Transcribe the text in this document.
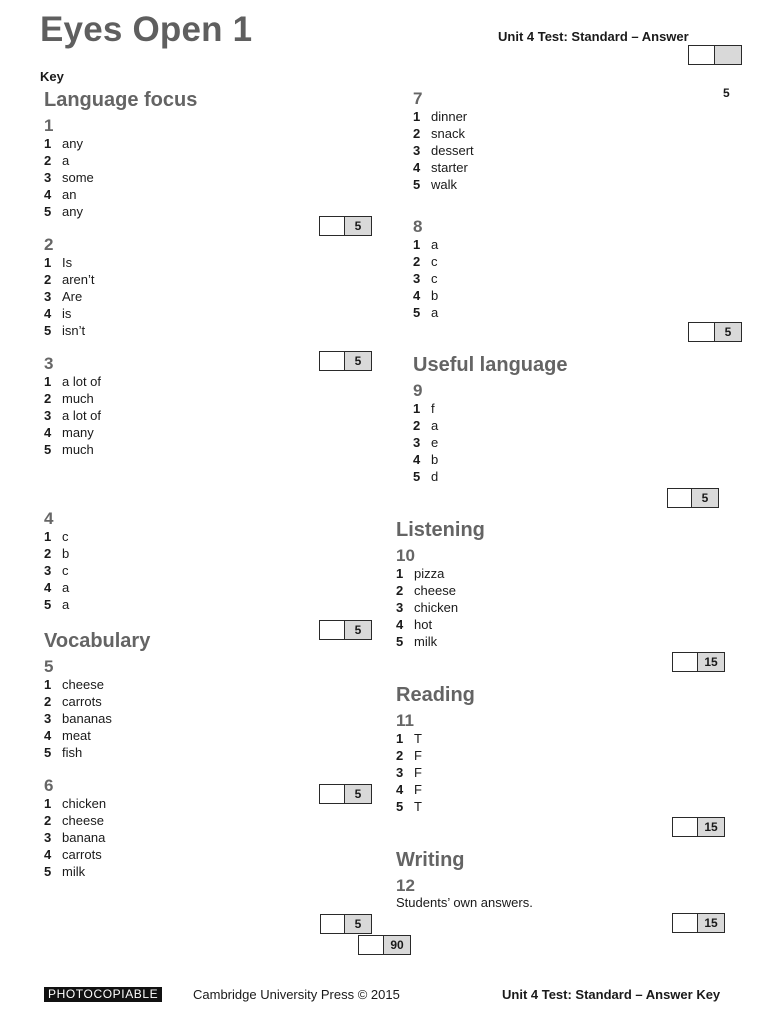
Eyes Open 1	Unit 4 Test: Standard – Answer
Key
5
Language focus
1
1 any
2 a
3 some
4 an
5 any
5
2
1 Is
2 aren’t
3 Are
4 is
5 isn’t
5
3
1 a lot of
2 much
3 a lot of
4 many
5 much
4
1 c
2 b
3 c
4 a
5 a
5
Vocabulary
5
1 cheese
2 carrots
3 bananas
4 meat
5 fish
6	5
1 chicken
2 cheese
3 banana
4 carrots
5 milk
5
90
7
1 dinner
2 snack
3 dessert
4 starter
5 walk
8
1 a
2 c
3 c
4 b
5 a
5
Useful language
9
1 f
2 a
3 e
4 b
5 d
5
Listening
10
1 pizza
2 cheese
3 chicken
4 hot
5 milk
15
Reading
11
1 T
2 F
3 F
4 F
5 T
15
Writing
12
Students’ own answers.
15
PHOTOCOPIABLE	Cambridge University Press © 2015	Unit 4 Test: Standard – Answer Key
